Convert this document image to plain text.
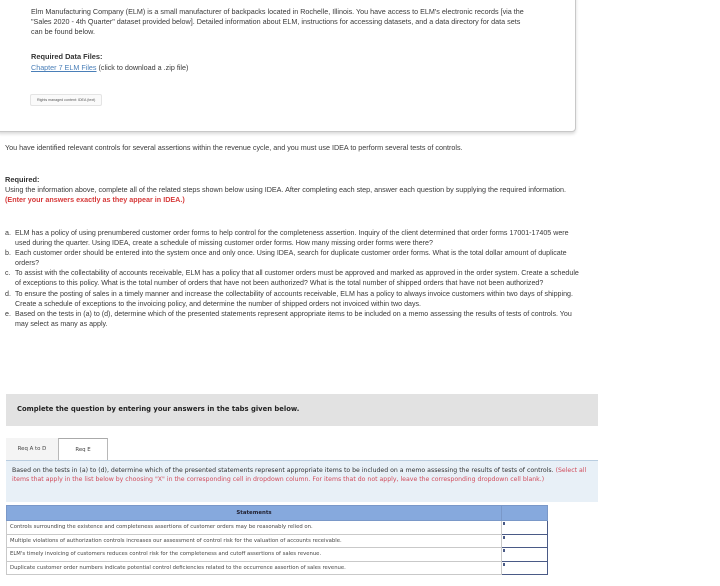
Elm Manufacturing Company (ELM) is a small manufacturer of backpacks located in Rochelle, Illinois. You have access to ELM's electronic records [via the "Sales 2020 - 4th Quarter" dataset provided below]. Detailed information about ELM, instructions for accessing datasets, and a data directory for data sets can be found below.
Required Data Files:
Chapter 7 ELM Files (click to download a .zip file)
Rights managed content: IDEA (text)
You have identified relevant controls for several assertions within the revenue cycle, and you must use IDEA to perform several tests of controls.
Required:
Using the information above, complete all of the related steps shown below using IDEA. After completing each step, answer each question by supplying the required information. (Enter your answers exactly as they appear in IDEA.)
a. ELM has a policy of using prenumbered customer order forms to help control for the completeness assertion. Inquiry of the client determined that order forms 17001-17405 were used during the quarter. Using IDEA, create a schedule of missing customer order forms. How many missing order forms were there?
b. Each customer order should be entered into the system once and only once. Using IDEA, search for duplicate customer order forms. What is the total dollar amount of duplicate orders?
c. To assist with the collectability of accounts receivable, ELM has a policy that all customer orders must be approved and marked as approved in the order system. Create a schedule of exceptions to this policy. What is the total number of orders that have not been authorized? What is the total number of shipped orders that have not been authorized?
d. To ensure the posting of sales in a timely manner and increase the collectability of accounts receivable, ELM has a policy to always invoice customers within two days of shipping. Create a schedule of exceptions to the invoicing policy, and determine the number of shipped orders not invoiced within two days.
e. Based on the tests in (a) to (d), determine which of the presented statements represent appropriate items to be included on a memo assessing the results of tests of controls. You may select as many as apply.
Complete the question by entering your answers in the tabs given below.
Req A to D	Req E

Based on the tests in (a) to (d), determine which of the presented statements represent appropriate items to be included on a memo assessing the results of tests of controls. (Select all items that apply in the list below by choosing "X" in the corresponding cell in dropdown column. For items that do not apply, leave the corresponding dropdown cell blank.)

Statements	
Controls surrounding the existence and completeness assertions of customer orders may be reasonably relied on.	

Multiple violations of authorization controls increases our assessment of control risk for the valuation of accounts receivable.	

ELM's timely invoicing of customers reduces control risk for the completeness and cutoff assertions of sales revenue.	

Duplicate customer order numbers indicate potential control deficiencies related to the occurrence assertion of sales revenue.	
